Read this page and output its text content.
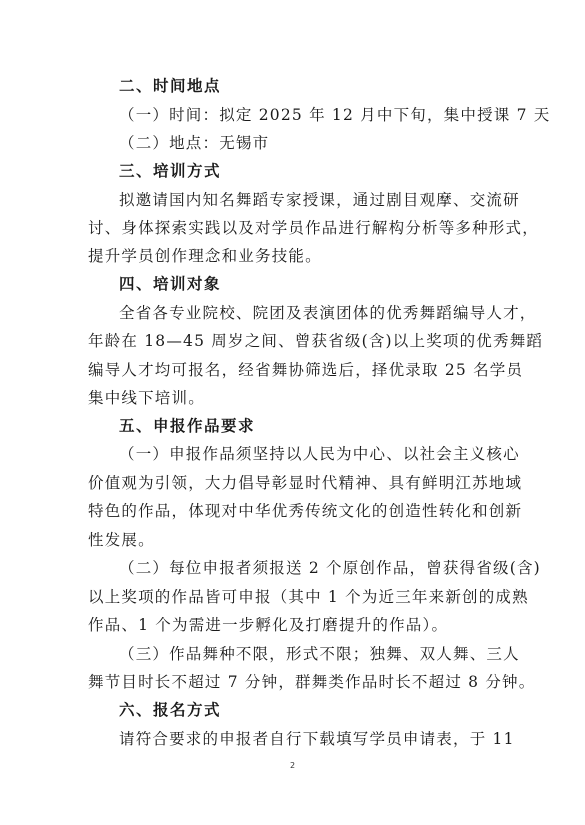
二、时间地点
（一）时间：拟定 2025 年 12 月中下旬，集中授课 7 天
（二）地点：无锡市
三、培训方式
拟邀请国内知名舞蹈专家授课，通过剧目观摩、交流研
讨、身体探索实践以及对学员作品进行解构分析等多种形式，
提升学员创作理念和业务技能。
四、培训对象
全省各专业院校、院团及表演团体的优秀舞蹈编导人才，
年龄在 18—45 周岁之间、曾获省级(含)以上奖项的优秀舞蹈
编导人才均可报名，经省舞协筛选后，择优录取 25 名学员
集中线下培训。
五、申报作品要求
（一）申报作品须坚持以人民为中心、以社会主义核心
价值观为引领，大力倡导彰显时代精神、具有鲜明江苏地域
特色的作品，体现对中华优秀传统文化的创造性转化和创新
性发展。
（二）每位申报者须报送 2 个原创作品，曾获得省级(含)
以上奖项的作品皆可申报（其中 1 个为近三年来新创的成熟
作品、1 个为需进一步孵化及打磨提升的作品）。
（三）作品舞种不限，形式不限；独舞、双人舞、三人
舞节目时长不超过 7 分钟，群舞类作品时长不超过 8 分钟。
六、报名方式
请符合要求的申报者自行下载填写学员申请表，于 11
2
